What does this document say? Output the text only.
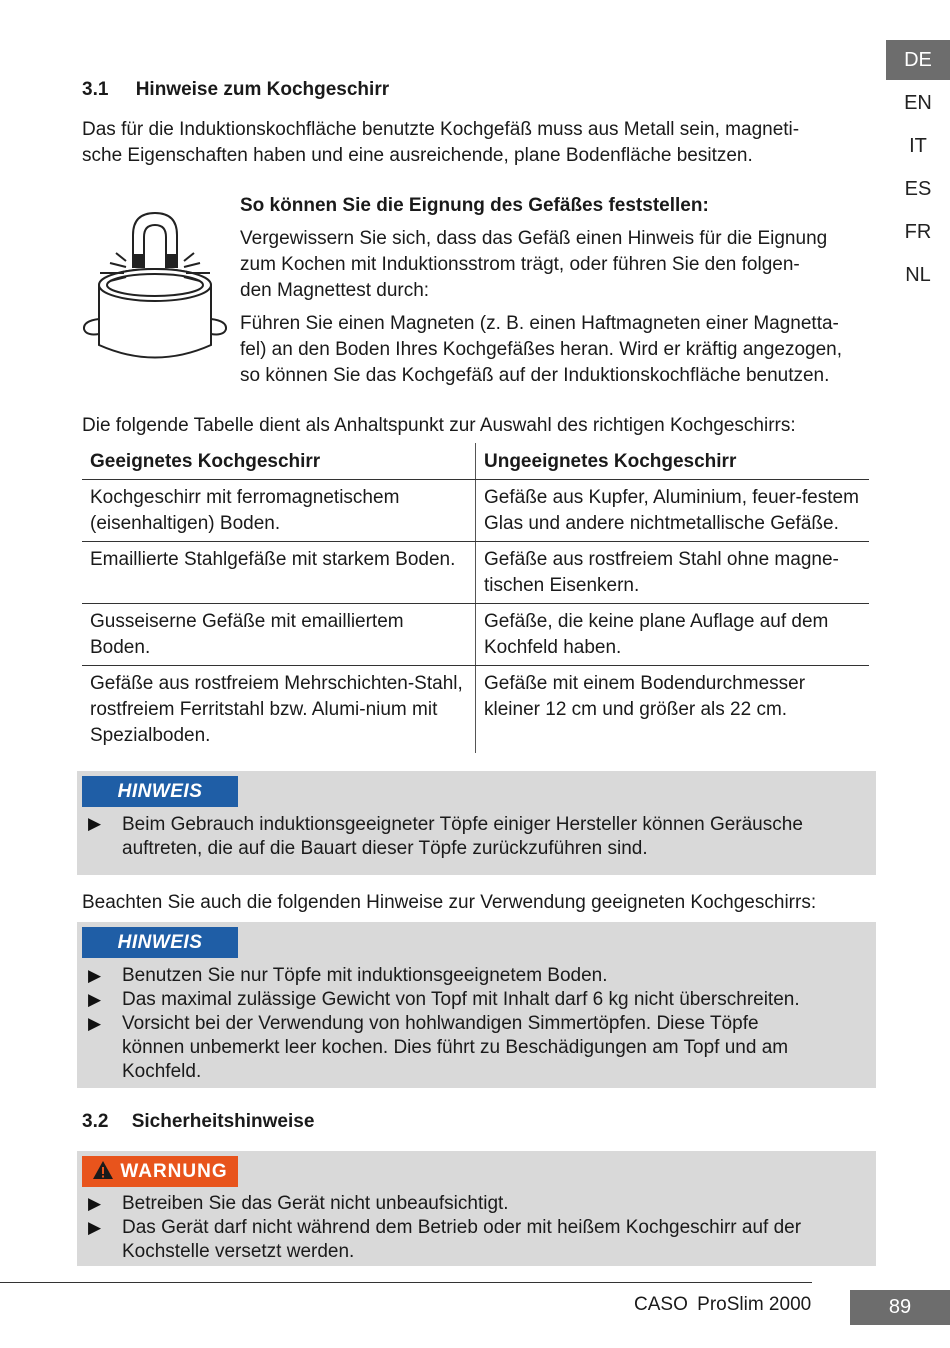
DE
EN
IT
ES
FR
NL
3.1 Hinweise zum Kochgeschirr
Das für die Induktionskochfläche benutzte Kochgefäß muss aus Metall sein, magneti-
sche Eigenschaften haben und eine ausreichende, plane Bodenfläche besitzen.
So können Sie die Eignung des Gefäßes feststellen:
Vergewissern Sie sich, dass das Gefäß einen Hinweis für die Eignung
zum Kochen mit Induktionsstrom trägt, oder führen Sie den folgen-
den Magnettest durch:
Führen Sie einen Magneten (z. B. einen Haftmagneten einer Magnetta-
fel) an den Boden Ihres Kochgefäßes heran. Wird er kräftig angezogen,
so können Sie das Kochgefäß auf der Induktionskochfläche benutzen.
Die folgende Tabelle dient als Anhaltspunkt zur Auswahl des richtigen Kochgeschirrs:
Geeignetes Kochgeschirr	Ungeeignetes Kochgeschirr
Kochgeschirr mit ferromagnetischem (eisenhaltigen) Boden.	Gefäße aus Kupfer, Aluminium, feuer-festem Glas und andere nichtmetallische Gefäße.
Emaillierte Stahlgefäße mit starkem Boden.	Gefäße aus rostfreiem Stahl ohne magne-tischen Eisenkern.
Gusseiserne Gefäße mit emailliertem Boden.	Gefäße, die keine plane Auflage auf dem Kochfeld haben.
Gefäße aus rostfreiem Mehrschichten-Stahl, rostfreiem Ferritstahl bzw. Alumi-nium mit Spezialboden.	Gefäße mit einem Bodendurchmesser kleiner 12 cm und größer als 22 cm.
HINWEIS
▶ Beim Gebrauch induktionsgeeigneter Töpfe einiger Hersteller können Geräusche
auftreten, die auf die Bauart dieser Töpfe zurückzuführen sind.
Beachten Sie auch die folgenden Hinweise zur Verwendung geeigneten Kochgeschirrs:
HINWEIS
▶ Benutzen Sie nur Töpfe mit induktionsgeeignetem Boden.
▶ Das maximal zulässige Gewicht von Topf mit Inhalt darf 6 kg nicht überschreiten.
▶ Vorsicht bei der Verwendung von hohlwandigen Simmertöpfen. Diese Töpfe
können unbemerkt leer kochen. Dies führt zu Beschädigungen am Topf und am
Kochfeld.
3.2 Sicherheitshinweise
WARNUNG
▶ Betreiben Sie das Gerät nicht unbeaufsichtigt.
▶ Das Gerät darf nicht während dem Betrieb oder mit heißem Kochgeschirr auf der
Kochstelle versetzt werden.
CASO ProSlim 2000	89
